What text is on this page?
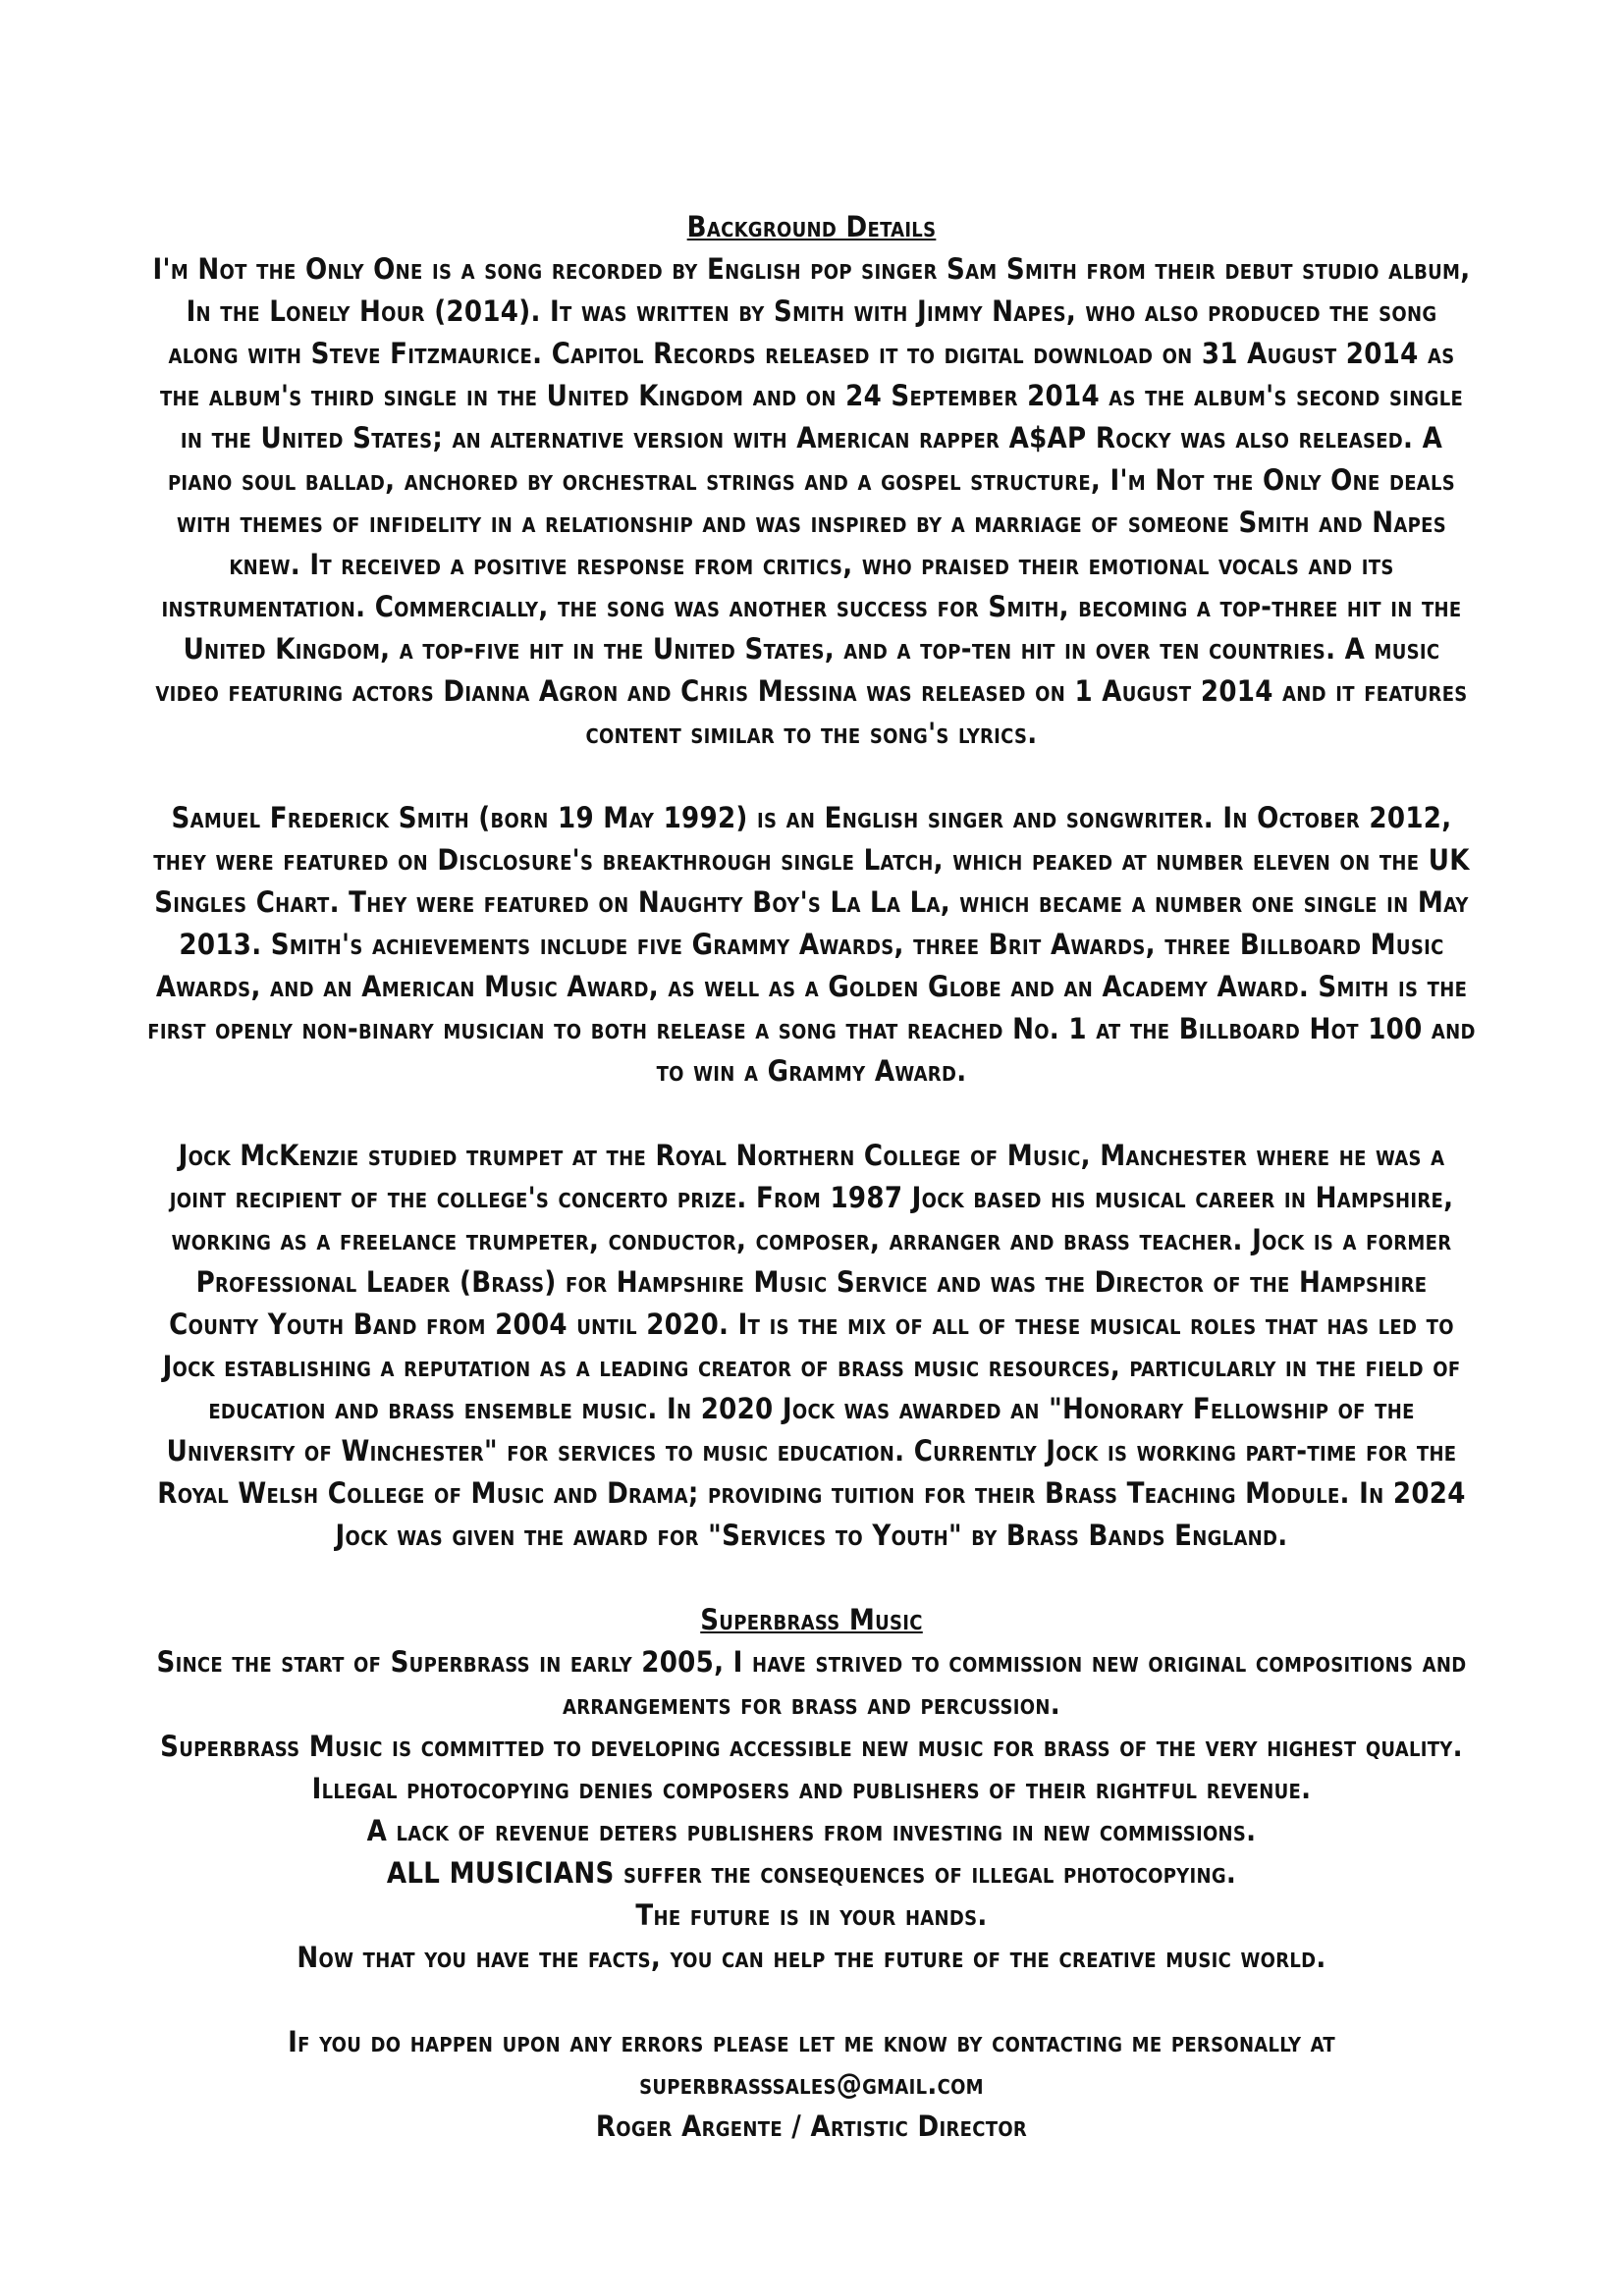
Background Details

I'm Not the Only One is a song recorded by English pop singer Sam Smith from their debut studio album, In the Lonely Hour (2014). It was written by Smith with Jimmy Napes, who also produced the song along with Steve Fitzmaurice. Capitol Records released it to digital download on 31 August 2014 as the album's third single in the United Kingdom and on 24 September 2014 as the album's second single in the United States; an alternative version with American rapper A$AP Rocky was also released. A piano soul ballad, anchored by orchestral strings and a gospel structure, I'm Not the Only One deals with themes of infidelity in a relationship and was inspired by a marriage of someone Smith and Napes knew. It received a positive response from critics, who praised their emotional vocals and its instrumentation. Commercially, the song was another success for Smith, becoming a top-three hit in the United Kingdom, a top-five hit in the United States, and a top-ten hit in over ten countries. A music video featuring actors Dianna Agron and Chris Messina was released on 1 August 2014 and it features content similar to the song's lyrics.

Samuel Frederick Smith (born 19 May 1992) is an English singer and songwriter. In October 2012, they were featured on Disclosure's breakthrough single Latch, which peaked at number eleven on the UK Singles Chart. They were featured on Naughty Boy's La La La, which became a number one single in May 2013. Smith's achievements include five Grammy Awards, three Brit Awards, three Billboard Music Awards, and an American Music Award, as well as a Golden Globe and an Academy Award. Smith is the first openly non-binary musician to both release a song that reached No. 1 at the Billboard Hot 100 and to win a Grammy Award.

Jock McKenzie studied trumpet at the Royal Northern College of Music, Manchester where he was a joint recipient of the college's concerto prize. From 1987 Jock based his musical career in Hampshire, working as a freelance trumpeter, conductor, composer, arranger and brass teacher. Jock is a former Professional Leader (Brass) for Hampshire Music Service and was the Director of the Hampshire County Youth Band from 2004 until 2020. It is the mix of all of these musical roles that has led to Jock establishing a reputation as a leading creator of brass music resources, particularly in the field of education and brass ensemble music. In 2020 Jock was awarded an "Honorary Fellowship of the University of Winchester" for services to music education. Currently Jock is working part-time for the Royal Welsh College of Music and Drama; providing tuition for their Brass Teaching Module. In 2024 Jock was given the award for "Services to Youth" by Brass Bands England.

Superbrass Music

Since the start of Superbrass in early 2005, I have strived to commission new original compositions and arrangements for brass and percussion.

Superbrass Music is committed to developing accessible new music for brass of the very highest quality.

Illegal photocopying denies composers and publishers of their rightful revenue.

A lack of revenue deters publishers from investing in new commissions.

ALL MUSICIANS suffer the consequences of illegal photocopying.

The future is in your hands.

Now that you have the facts, you can help the future of the creative music world.

If you do happen upon any errors please let me know by contacting me personally at

superbrasssales@gmail.com

Roger Argente / Artistic Director
